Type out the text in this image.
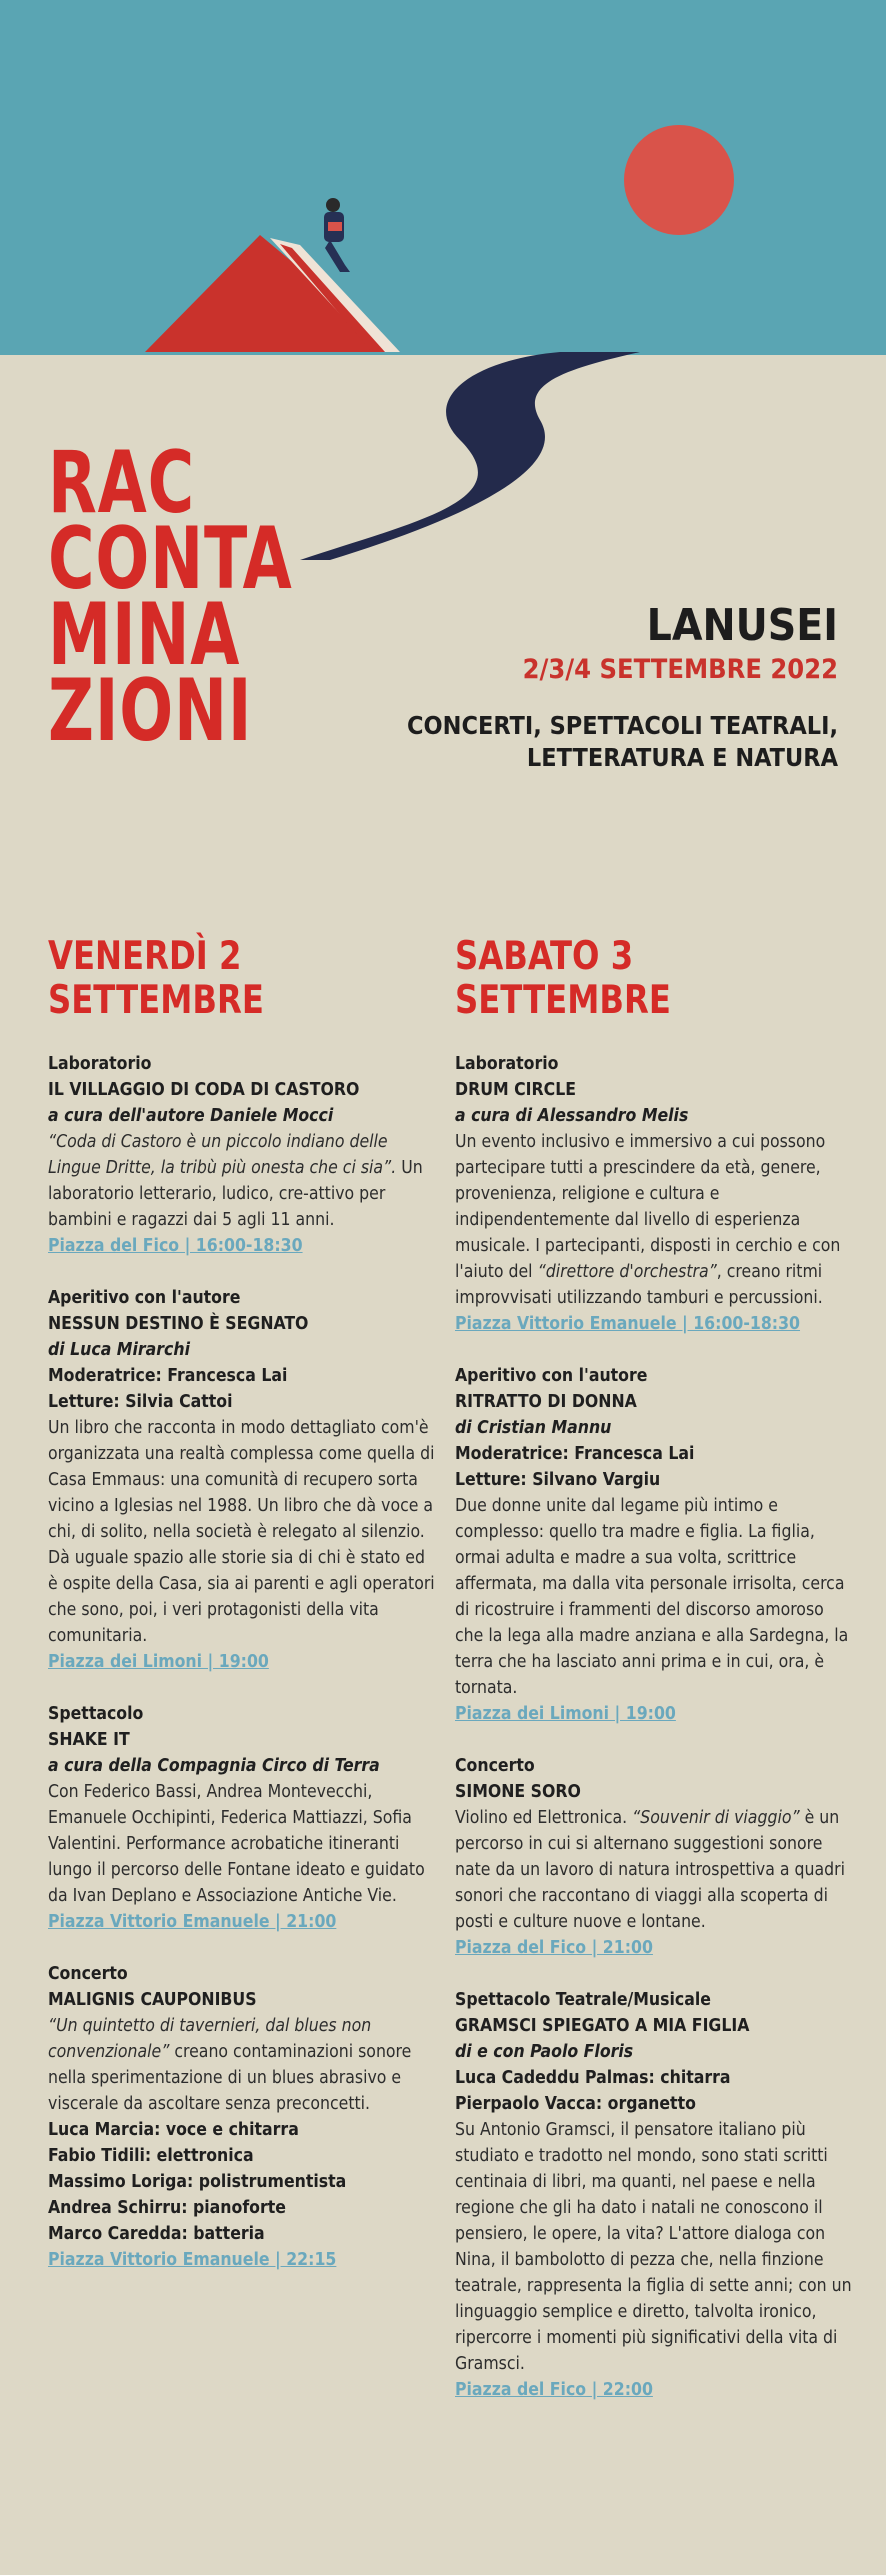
RAC
CONTA
MINA
ZIONI
LANUSEI
2/3/4 SETTEMBRE 2022
CONCERTI, SPETTACOLI TEATRALI,
LETTERATURA E NATURA
VENERDÌ 2
SETTEMBRE
Laboratorio
IL VILLAGGIO DI CODA DI CASTORO
a cura dell'autore Daniele Mocci
“Coda di Castoro è un piccolo indiano delle Lingue Dritte, la tribù più onesta che ci sia”. Un laboratorio letterario, ludico, cre-attivo per bambini e ragazzi dai 5 agli 11 anni.
Piazza del Fico | 16:00-18:30
Aperitivo con l'autore
NESSUN DESTINO È SEGNATO
di Luca Mirarchi
Moderatrice: Francesca Lai
Letture: Silvia Cattoi
Un libro che racconta in modo dettagliato com'è organizzata una realtà complessa come quella di Casa Emmaus: una comunità di recupero sorta vicino a Iglesias nel 1988. Un libro che dà voce a chi, di solito, nella società è relegato al silenzio. Dà uguale spazio alle storie sia di chi è stato ed è ospite della Casa, sia ai parenti e agli operatori che sono, poi, i veri protagonisti della vita comunitaria.
Piazza dei Limoni | 19:00
Spettacolo
SHAKE IT
a cura della Compagnia Circo di Terra
Con Federico Bassi, Andrea Montevecchi, Emanuele Occhipinti, Federica Mattiazzi, Sofia Valentini. Performance acrobatiche itineranti lungo il percorso delle Fontane ideato e guidato da Ivan Deplano e Associazione Antiche Vie.
Piazza Vittorio Emanuele | 21:00
Concerto
MALIGNIS CAUPONIBUS
“Un quintetto di tavernieri, dal blues non convenzionale” creano contaminazioni sonore nella sperimentazione di un blues abrasivo e viscerale da ascoltare senza preconcetti.
Luca Marcia: voce e chitarra
Fabio Tidili: elettronica
Massimo Loriga: polistrumentista
Andrea Schirru: pianoforte
Marco Caredda: batteria
Piazza Vittorio Emanuele | 22:15
SABATO 3
SETTEMBRE
Laboratorio
DRUM CIRCLE
a cura di Alessandro Melis
Un evento inclusivo e immersivo a cui possono partecipare tutti a prescindere da età, genere, provenienza, religione e cultura e indipendentemente dal livello di esperienza musicale. I partecipanti, disposti in cerchio e con l'aiuto del “direttore d'orchestra”, creano ritmi improvvisati utilizzando tamburi e percussioni.
Piazza Vittorio Emanuele | 16:00-18:30
Aperitivo con l'autore
RITRATTO DI DONNA
di Cristian Mannu
Moderatrice: Francesca Lai
Letture: Silvano Vargiu
Due donne unite dal legame più intimo e complesso: quello tra madre e figlia. La figlia, ormai adulta e madre a sua volta, scrittrice affermata, ma dalla vita personale irrisolta, cerca di ricostruire i frammenti del discorso amoroso che la lega alla madre anziana e alla Sardegna, la terra che ha lasciato anni prima e in cui, ora, è tornata.
Piazza dei Limoni | 19:00
Concerto
SIMONE SORO
Violino ed Elettronica. “Souvenir di viaggio” è un percorso in cui si alternano suggestioni sonore nate da un lavoro di natura introspettiva a quadri sonori che raccontano di viaggi alla scoperta di posti e culture nuove e lontane.
Piazza del Fico | 21:00
Spettacolo Teatrale/Musicale
GRAMSCI SPIEGATO A MIA FIGLIA
di e con Paolo Floris
Luca Cadeddu Palmas: chitarra
Pierpaolo Vacca: organetto
Su Antonio Gramsci, il pensatore italiano più studiato e tradotto nel mondo, sono stati scritti centinaia di libri, ma quanti, nel paese e nella regione che gli ha dato i natali ne conoscono il pensiero, le opere, la vita? L'attore dialoga con Nina, il bambolotto di pezza che, nella finzione teatrale, rappresenta la figlia di sette anni; con un linguaggio semplice e diretto, talvolta ironico, ripercorre i momenti più significativi della vita di Gramsci.
Piazza del Fico | 22:00
